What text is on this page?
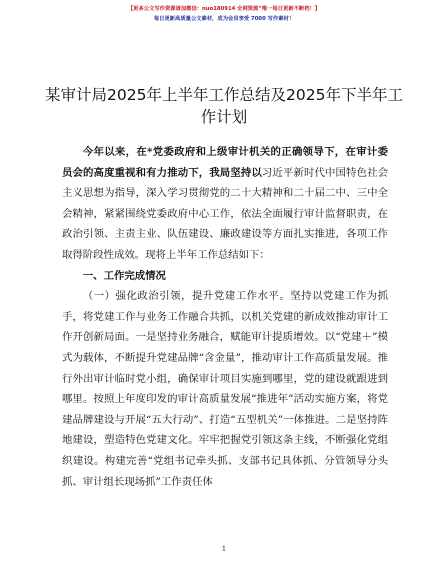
【更多公文写作资源请加微信：nuo180914 全网资源”唯一每日更新不断档！】
每日更新高质量公文素材，成为会员享受 7000 写作素材！
某审计局2025年上半年工作总结及2025年下半年工作计划

今年以来，在*党委政府和上级审计机关的正确领导下，在审计委员会的高度重视和有力推动下，我局坚持以习近平新时代中国特色社会主义思想为指导，深入学习贯彻党的二十大精神和二十届二中、三中全会精神，紧紧围绕党委政府中心工作，依法全面履行审计监督职责，在政治引领、主责主业、队伍建设、廉政建设等方面扎实推进，各项工作取得阶段性成效。现将上半年工作总结如下：

一、工作完成情况

（一）强化政治引领，提升党建工作水平。坚持以党建工作为抓手，将党建工作与业务工作融合共抓，以机关党建的新成效推动审计工作开创新局面。一是坚持业务融合，赋能审计提质增效。以“党建＋”模式为载体，不断提升党建品牌“含金量”，推动审计工作高质量发展。推行外出审计临时党小组，确保审计项目实施到哪里，党的建设就跟进到哪里。按照上年度印发的审计高质量发展“推进年”活动实施方案，将党建品牌建设与开展“五大行动”、打造“五型机关”一体推进。二是坚持阵地建设，塑造特色党建文化。牢牢把握党引领这条主线，不断强化党组织建设。构建完善“党组书记牵头抓、支部书记具体抓、分管领导分头抓、审计组长现场抓”工作责任体

1
